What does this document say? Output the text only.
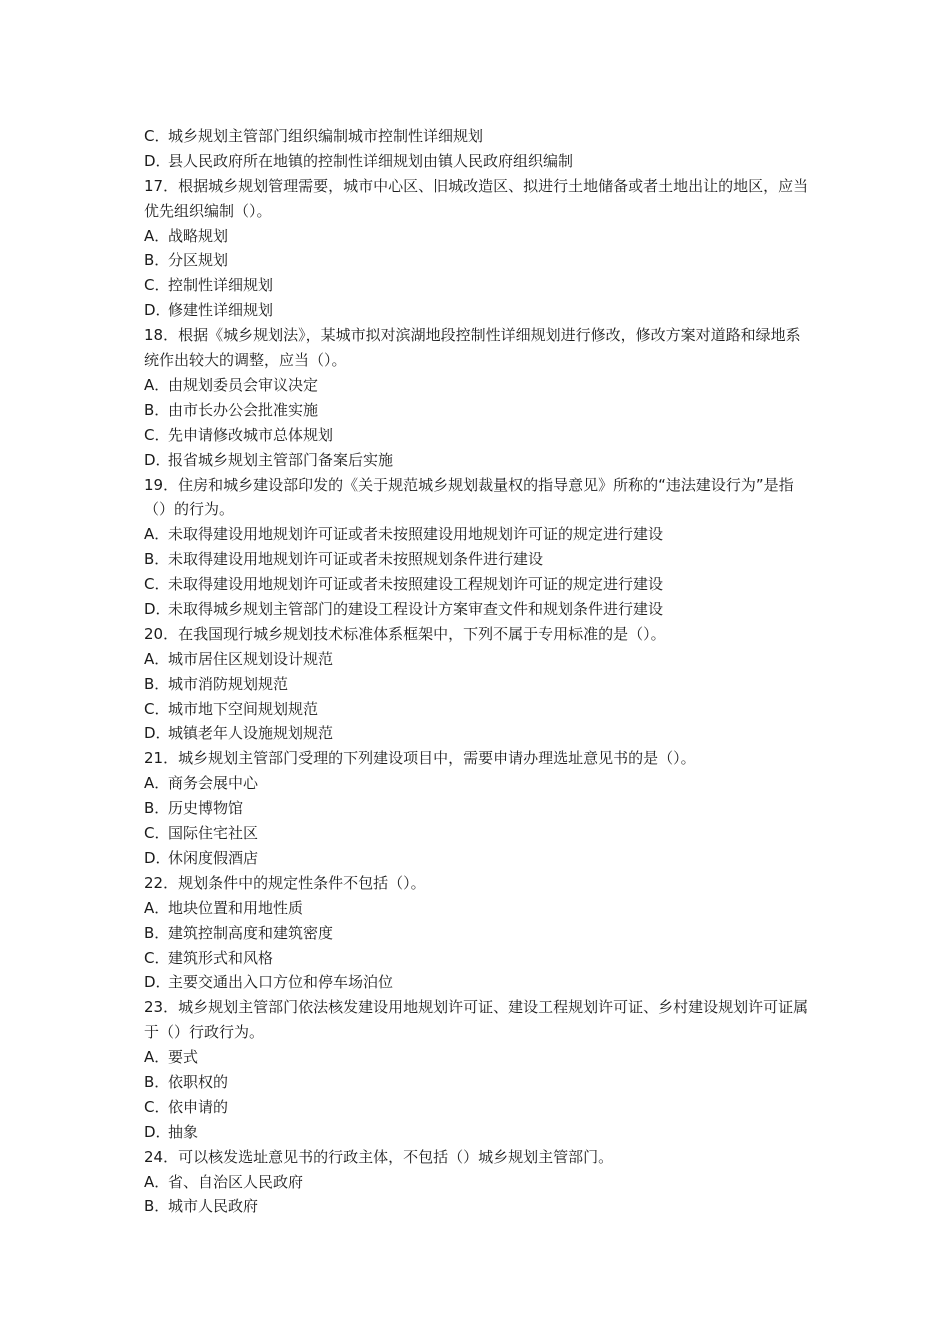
C．城乡规划主管部门组织编制城市控制性详细规划
D．县人民政府所在地镇的控制性详细规划由镇人民政府组织编制
17．根据城乡规划管理需要，城市中心区、旧城改造区、拟进行土地储备或者土地出让的地区，应当优先组织编制（）。
A．战略规划
B．分区规划
C．控制性详细规划
D．修建性详细规划
18．根据《城乡规划法》，某城市拟对滨湖地段控制性详细规划进行修改，修改方案对道路和绿地系统作出较大的调整，应当（）。
A．由规划委员会审议决定
B．由市长办公会批准实施
C．先申请修改城市总体规划
D．报省城乡规划主管部门备案后实施
19．住房和城乡建设部印发的《关于规范城乡规划裁量权的指导意见》所称的“违法建设行为”是指（）的行为。
A．未取得建设用地规划许可证或者未按照建设用地规划许可证的规定进行建设
B．未取得建设用地规划许可证或者未按照规划条件进行建设
C．未取得建设用地规划许可证或者未按照建设工程规划许可证的规定进行建设
D．未取得城乡规划主管部门的建设工程设计方案审查文件和规划条件进行建设
20．在我国现行城乡规划技术标准体系框架中，下列不属于专用标准的是（）。
A．城市居住区规划设计规范
B．城市消防规划规范
C．城市地下空间规划规范
D．城镇老年人设施规划规范
21．城乡规划主管部门受理的下列建设项目中，需要申请办理选址意见书的是（）。
A．商务会展中心
B．历史博物馆
C．国际住宅社区
D．休闲度假酒店
22．规划条件中的规定性条件不包括（）。
A．地块位置和用地性质
B．建筑控制高度和建筑密度
C．建筑形式和风格
D．主要交通出入口方位和停车场泊位
23．城乡规划主管部门依法核发建设用地规划许可证、建设工程规划许可证、乡村建设规划许可证属于（）行政行为。
A．要式
B．依职权的
C．依申请的
D．抽象
24．可以核发选址意见书的行政主体，不包括（）城乡规划主管部门。
A．省、自治区人民政府
B．城市人民政府
